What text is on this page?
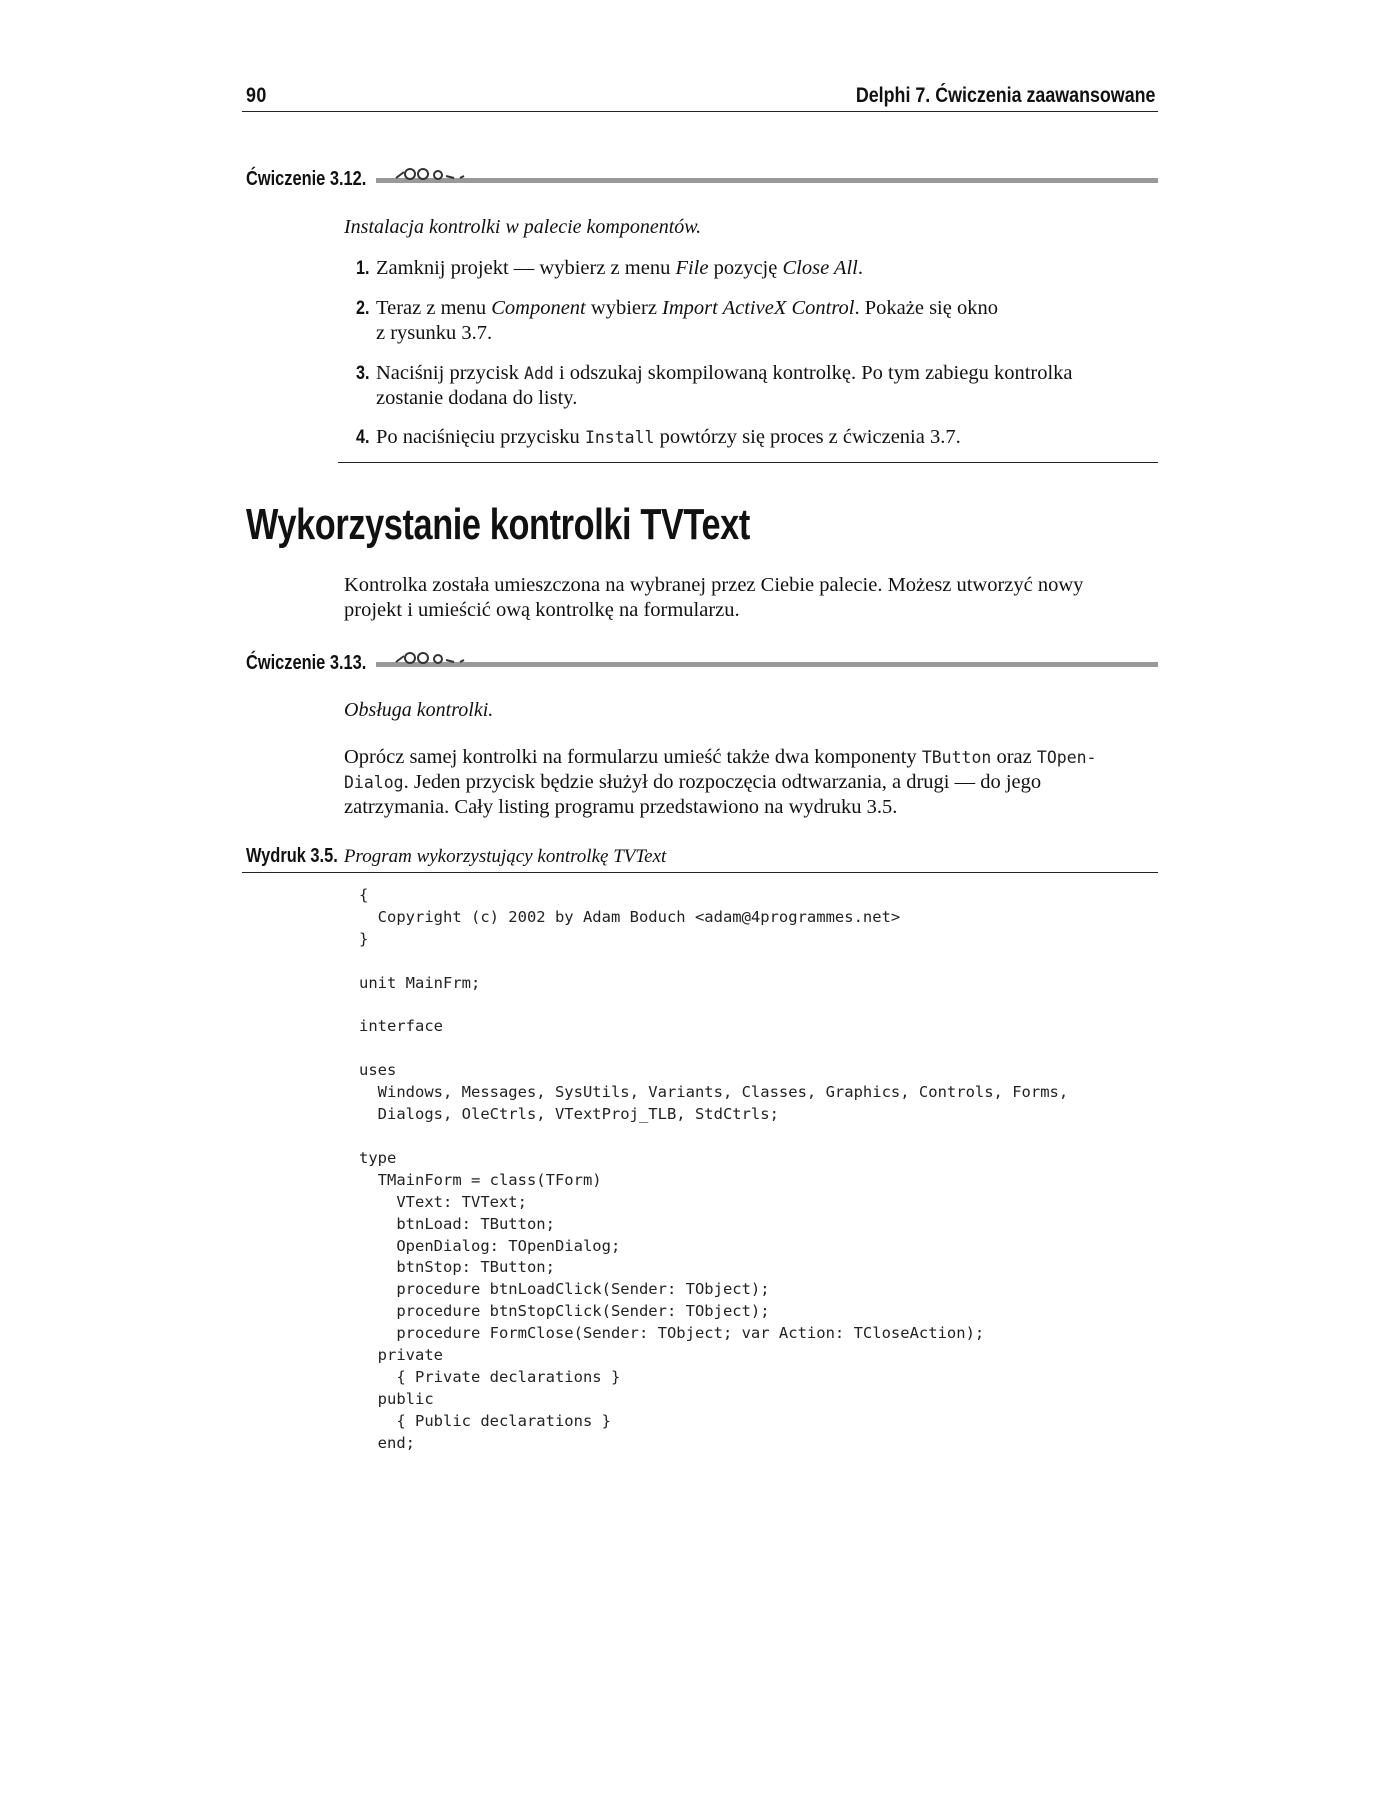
90	Delphi 7. Ćwiczenia zaawansowane
Ćwiczenie 3.12.
Instalacja kontrolki w palecie komponentów.
1. Zamknij projekt — wybierz z menu File pozycję Close All.
2. Teraz z menu Component wybierz Import ActiveX Control. Pokaże się okno
z rysunku 3.7.
3. Naciśnij przycisk Add i odszukaj skompilowaną kontrolkę. Po tym zabiegu kontrolka
zostanie dodana do listy.
4. Po naciśnięciu przycisku Install powtórzy się proces z ćwiczenia 3.7.
Wykorzystanie kontrolki TVText
Kontrolka została umieszczona na wybranej przez Ciebie palecie. Możesz utworzyć nowy
projekt i umieścić ową kontrolkę na formularzu.
Ćwiczenie 3.13.
Obsługa kontrolki.
Oprócz samej kontrolki na formularzu umieść także dwa komponenty TButton oraz TOpen-
Dialog. Jeden przycisk będzie służył do rozpoczęcia odtwarzania, a drugi — do jego
zatrzymania. Cały listing programu przedstawiono na wydruku 3.5.
Wydruk 3.5. Program wykorzystujący kontrolkę TVText
{
Copyright (c) 2002 by Adam Boduch <adam@4programmes.net>
}

unit MainFrm;

interface

uses
Windows, Messages, SysUtils, Variants, Classes, Graphics, Controls, Forms,
Dialogs, OleCtrls, VTextProj_TLB, StdCtrls;

type
TMainForm = class(TForm)
VText: TVText;
btnLoad: TButton;
OpenDialog: TOpenDialog;
btnStop: TButton;
procedure btnLoadClick(Sender: TObject);
procedure btnStopClick(Sender: TObject);
procedure FormClose(Sender: TObject; var Action: TCloseAction);
private
{ Private declarations }
public
{ Public declarations }
end;
